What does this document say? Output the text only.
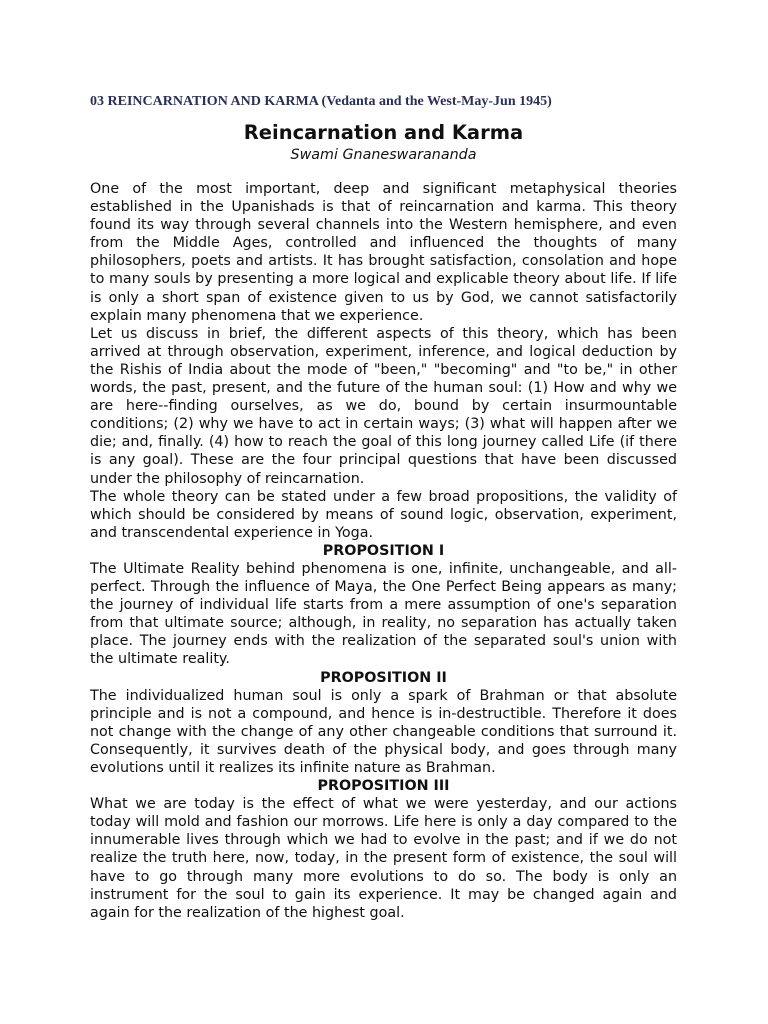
03 REINCARNATION AND KARMA (Vedanta and the West-May-Jun 1945)

Reincarnation and Karma

Swami Gnaneswarananda

One of the most important, deep and significant metaphysical theories established in the Upanishads is that of reincarnation and karma. This theory found its way through several channels into the Western hemisphere, and even from the Middle Ages, controlled and influenced the thoughts of many philosophers, poets and artists. It has brought satisfaction, consolation and hope to many souls by presenting a more logical and explicable theory about life. If life is only a short span of existence given to us by God, we cannot satisfactorily explain many phenomena that we experience.

Let us discuss in brief, the different aspects of this theory, which has been arrived at through observation, experiment, inference, and logical deduction by the Rishis of India about the mode of "been," "becoming" and "to be," in other words, the past, present, and the future of the human soul: (1) How and why we are here--finding ourselves, as we do, bound by certain insurmountable conditions; (2) why we have to act in certain ways; (3) what will happen after we die; and, finally. (4) how to reach the goal of this long journey called Life (if there is any goal). These are the four principal questions that have been discussed under the philosophy of reincarnation.

The whole theory can be stated under a few broad propositions, the validity of which should be considered by means of sound logic, observation, experiment, and transcendental experience in Yoga.

PROPOSITION I

The Ultimate Reality behind phenomena is one, infinite, unchangeable, and all-perfect. Through the influence of Maya, the One Perfect Being appears as many; the journey of individual life starts from a mere assumption of one's separation from that ultimate source; although, in reality, no separation has actually taken place. The journey ends with the realization of the separated soul's union with the ultimate reality.

PROPOSITION II

The individualized human soul is only a spark of Brahman or that absolute principle and is not a compound, and hence is in-destructible. Therefore it does not change with the change of any other changeable conditions that surround it. Consequently, it survives death of the physical body, and goes through many evolutions until it realizes its infinite nature as Brahman.

PROPOSITION III

What we are today is the effect of what we were yesterday, and our actions today will mold and fashion our morrows. Life here is only a day compared to the innumerable lives through which we had to evolve in the past; and if we do not realize the truth here, now, today, in the present form of existence, the soul will have to go through many more evolutions to do so. The body is only an instrument for the soul to gain its experience. It may be changed again and again for the realization of the highest goal.
